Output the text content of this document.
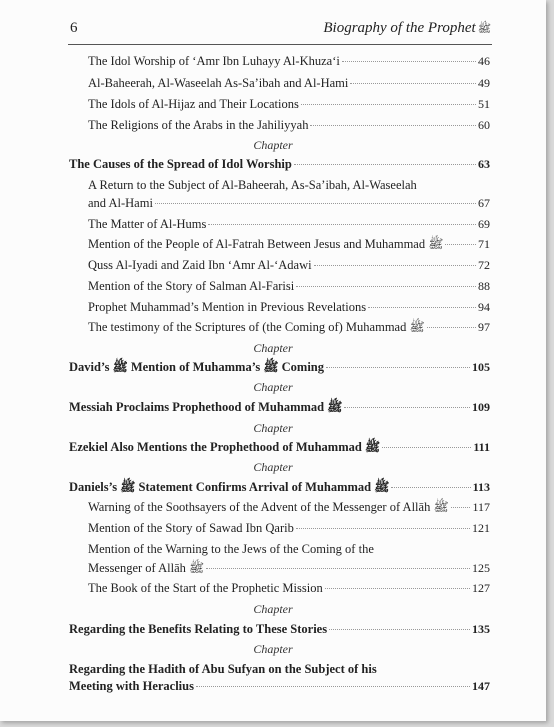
6	Biography of the Prophet ﷺ
The Idol Worship of ‘Amr Ibn Luhayy Al-Khuza‘i	46
Al-Baheerah, Al-Waseelah As-Sa’ibah and Al-Hami	49
The Idols of Al-Hijaz and Their Locations	51
The Religions of the Arabs in the Jahiliyyah	60
Chapter
The Causes of the Spread of Idol Worship	63
A Return to the Subject of Al-Baheerah, As-Sa’ibah, Al-Waseelah
and Al-Hami	67
The Matter of Al-Hums	69
Mention of the People of Al-Fatrah Between Jesus and Muhammad ﷺ	71
Quss Al-Iyadi and Zaid Ibn ‘Amr Al-‘Adawi	72
Mention of the Story of Salman Al-Farisi	88
Prophet Muhammad’s Mention in Previous Revelations	94
The testimony of the Scriptures of (the Coming of) Muhammad ﷺ	97
Chapter
David’s ﷺ Mention of Muhamma’s ﷺ Coming	105
Chapter
Messiah Proclaims Prophethood of Muhammad ﷺ	109
Chapter
Ezekiel Also Mentions the Prophethood of Muhammad ﷺ	111
Chapter
Daniels’s ﷺ Statement Confirms Arrival of Muhammad ﷺ	113
Warning of the Soothsayers of the Advent of the Messenger of Allāh ﷺ 117
Mention of the Story of Sawad Ibn Qarib	121
Mention of the Warning to the Jews of the Coming of the
Messenger of Allāh ﷺ	125
The Book of the Start of the Prophetic Mission	127
Chapter
Regarding the Benefits Relating to These Stories	135
Chapter
Regarding the Hadith of Abu Sufyan on the Subject of his
Meeting with Heraclius	147
